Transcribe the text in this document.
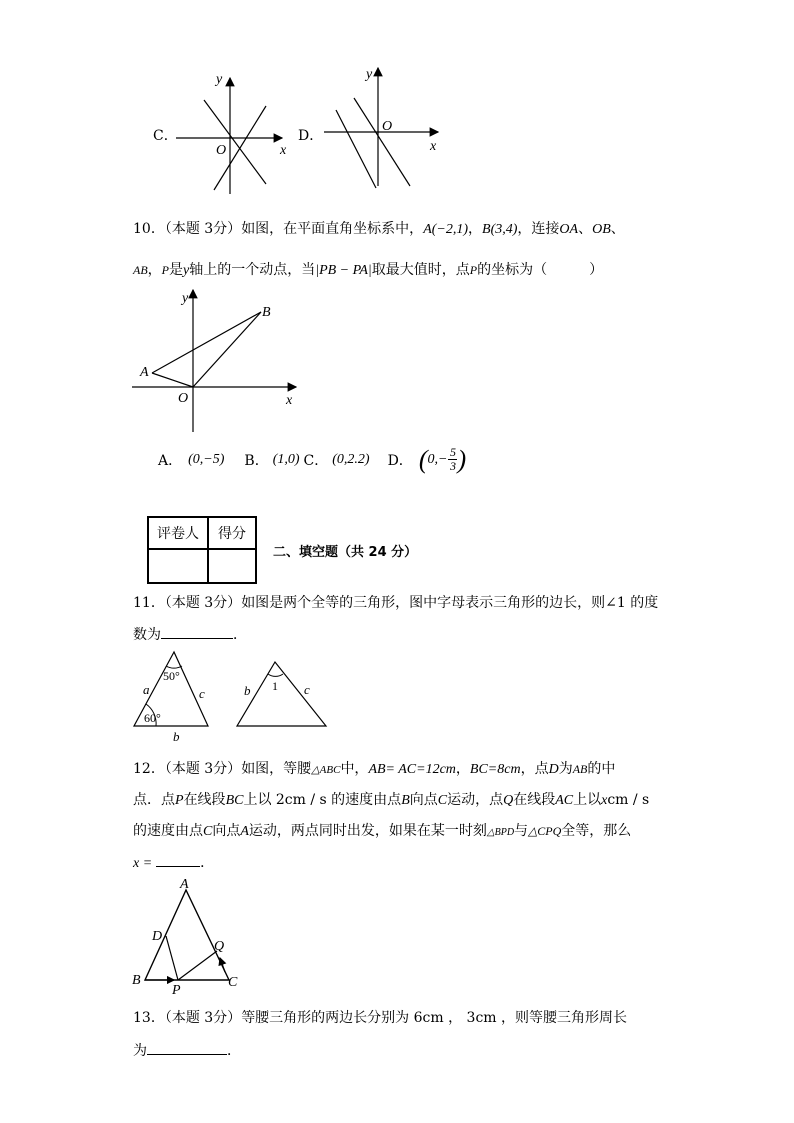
C．
y
x
O
D．
y
x
O
10．（本题 3分）如图，在平面直角坐标系中，A(−2,1)，B(3,4)，连接OA、OB、
AB，P是y轴上的一个动点，当|PB − PA|取最大值时，点P的坐标为（　　　）
y
x
O
A
B
A． (0,−5) B． (1,0) C． (0,2.2) D． ( 0,− 5
3 )
评卷人	得分

二、填空题（共 24 分）
11．（本题 3分）如图是两个全等的三角形，图中字母表示三角形的边长，则∠1 的度
数为	．
50°
60°
a	c
b
1
b	c
12．（本题 3分）如图，等腰△ABC中，AB= AC=12cm，BC=8cm，点D为AB的中
点．点P在线段BC上以 2cm / s 的速度由点B向点C运动，点Q在线段AC上以xcm / s
的速度由点C向点A运动，两点同时出发，如果在某一时刻△BPD与△CPQ全等，那么
x =	．
A
D
Q
B	C
P
13．（本题 3分）等腰三角形的两边长分别为 6cm ， 3cm ，则等腰三角形周长
为	．
